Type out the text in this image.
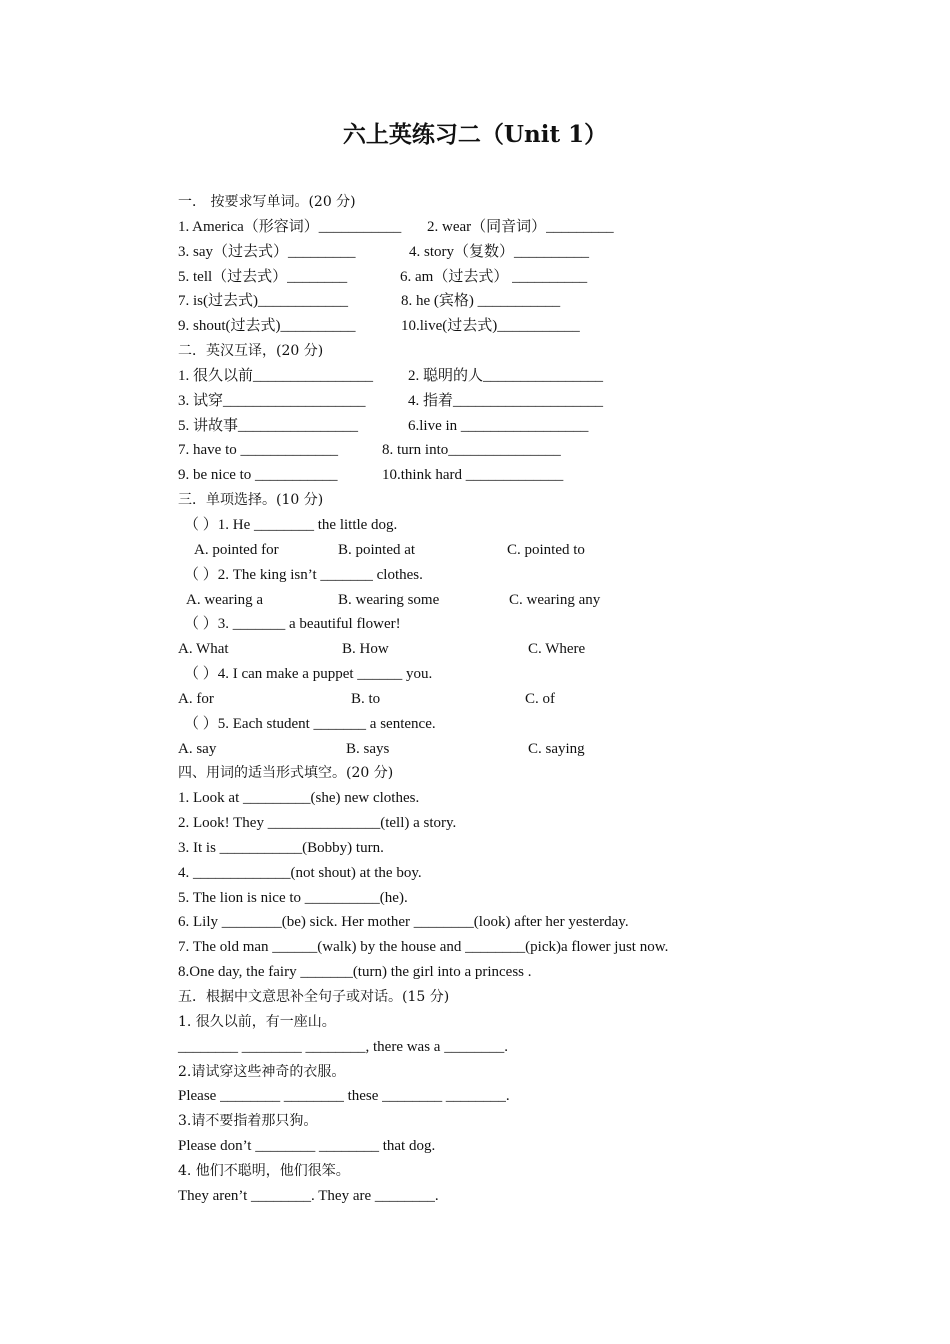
六上英练习二（Unit 1）
一． 按要求写单词。(20 分)
1. America（形容词）___________ 2. wear（同音词）_________
3. say（过去式）_________	4. story（复数）__________
5. tell（过去式）________	6. am（过去式） __________
7. is(过去式)____________	8. he (宾格) ___________
9. shout(过去式)__________	10.live(过去式)___________
二．英汉互译，(20 分)
1. 很久以前________________ 2. 聪明的人________________
3. 试穿___________________	4. 指着____________________
5. 讲故事________________	6.live in _________________
7. have to _____________	8. turn into_______________
9. be nice to ___________	10.think hard _____________
三．单项选择。(10 分)
（ ）1. He ________ the little dog.
A. pointed for	B. pointed at	C. pointed to
（ ）2. The king isn’t _______ clothes.
A. wearing a	B. wearing some	C. wearing any
（ ）3. _______ a beautiful flower!
A. What	B. How	C. Where
（ ）4. I can make a puppet ______ you.
A. for	B. to	C. of
（ ）5. Each student _______ a sentence.
A. say	B. says	C. saying
四、用词的适当形式填空。(20 分)
1. Look at _________(she) new clothes.
2. Look! They _______________(tell) a story.
3. It is ___________(Bobby) turn.
4. _____________(not shout) at the boy.
5. The lion is nice to __________(he).
6. Lily ________(be) sick. Her mother ________(look) after her yesterday.
7. The old man ______(walk) by the house and ________(pick)a flower just now.
8.One day, the fairy _______(turn) the girl into a princess .
五．根据中文意思补全句子或对话。(15 分)
1. 很久以前，有一座山。
________ ________ ________, there was a ________.
2.请试穿这些神奇的衣服。
Please ________ ________ these ________ ________.
3.请不要指着那只狗。
Please don’t ________ ________ that dog.
4. 他们不聪明，他们很笨。
They aren’t ________. They are ________.
